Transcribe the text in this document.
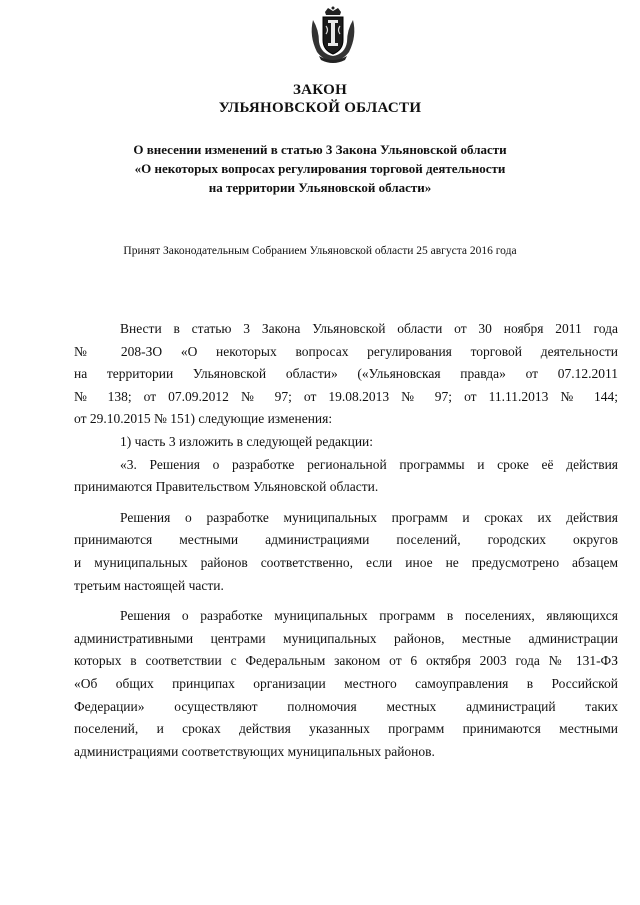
ЗАКОН
УЛЬЯНОВСКОЙ ОБЛАСТИ
О внесении изменений в статью 3 Закона Ульяновской области
«О некоторых вопросах регулирования торговой деятельности
на территории Ульяновской области»
Принят Законодательным Собранием Ульяновской области 25 августа 2016 года
Внести в статью 3 Закона Ульяновской области от 30 ноября 2011 года
№ 208-ЗО «О некоторых вопросах регулирования торговой деятельности
на территории Ульяновской области» («Ульяновская правда» от 07.12.2011
№ 138; от 07.09.2012 № 97; от 19.08.2013 № 97; от 11.11.2013 № 144;
от 29.10.2015 № 151) следующие изменения:
1) часть 3 изложить в следующей редакции:
«3. Решения о разработке региональной программы и сроке её действия
принимаются Правительством Ульяновской области.
Решения о разработке муниципальных программ и сроках их действия
принимаются местными администрациями поселений, городских округов
и муниципальных районов соответственно, если иное не предусмотрено абзацем
третьим настоящей части.
Решения о разработке муниципальных программ в поселениях, являющихся
административными центрами муниципальных районов, местные администрации
которых в соответствии с Федеральным законом от 6 октября 2003 года № 131-ФЗ
«Об общих принципах организации местного самоуправления в Российской
Федерации» осуществляют полномочия местных администраций таких
поселений, и сроках действия указанных программ принимаются местными
администрациями соответствующих муниципальных районов.
